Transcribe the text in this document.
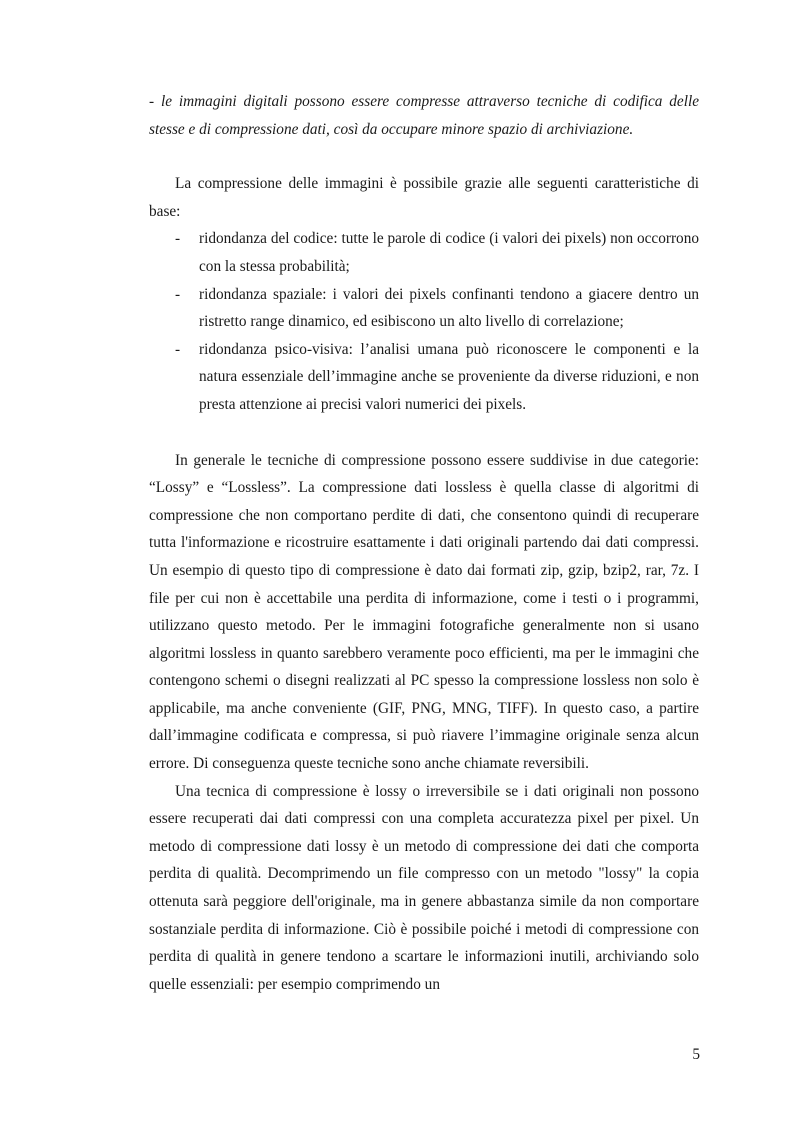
- le immagini digitali possono essere compresse attraverso tecniche di codifica delle stesse e di compressione dati, così da occupare minore spazio di archiviazione.

La compressione delle immagini è possibile grazie alle seguenti caratteristiche di base:

- ridondanza del codice: tutte le parole di codice (i valori dei pixels) non occorrono con la stessa probabilità;
- ridondanza spaziale: i valori dei pixels confinanti tendono a giacere dentro un ristretto range dinamico, ed esibiscono un alto livello di correlazione;
- ridondanza psico-visiva: l’analisi umana può riconoscere le componenti e la natura essenziale dell’immagine anche se proveniente da diverse riduzioni, e non presta attenzione ai precisi valori numerici dei pixels.

In generale le tecniche di compressione possono essere suddivise in due categorie: “Lossy” e “Lossless”. La compressione dati lossless è quella classe di algoritmi di compressione che non comportano perdite di dati, che consentono quindi di recuperare tutta l'informazione e ricostruire esattamente i dati originali partendo dai dati compressi. Un esempio di questo tipo di compressione è dato dai formati zip, gzip, bzip2, rar, 7z. I file per cui non è accettabile una perdita di informazione, come i testi o i programmi, utilizzano questo metodo. Per le immagini fotografiche generalmente non si usano algoritmi lossless in quanto sarebbero veramente poco efficienti, ma per le immagini che contengono schemi o disegni realizzati al PC spesso la compressione lossless non solo è applicabile, ma anche conveniente (GIF, PNG, MNG, TIFF). In questo caso, a partire dall’immagine codificata e compressa, si può riavere l’immagine originale senza alcun errore. Di conseguenza queste tecniche sono anche chiamate reversibili.

Una tecnica di compressione è lossy o irreversibile se i dati originali non possono essere recuperati dai dati compressi con una completa accuratezza pixel per pixel. Un metodo di compressione dati lossy è un metodo di compressione dei dati che comporta perdita di qualità. Decomprimendo un file compresso con un metodo "lossy" la copia ottenuta sarà peggiore dell'originale, ma in genere abbastanza simile da non comportare sostanziale perdita di informazione. Ciò è possibile poiché i metodi di compressione con perdita di qualità in genere tendono a scartare le informazioni inutili, archiviando solo quelle essenziali: per esempio comprimendo un

5
